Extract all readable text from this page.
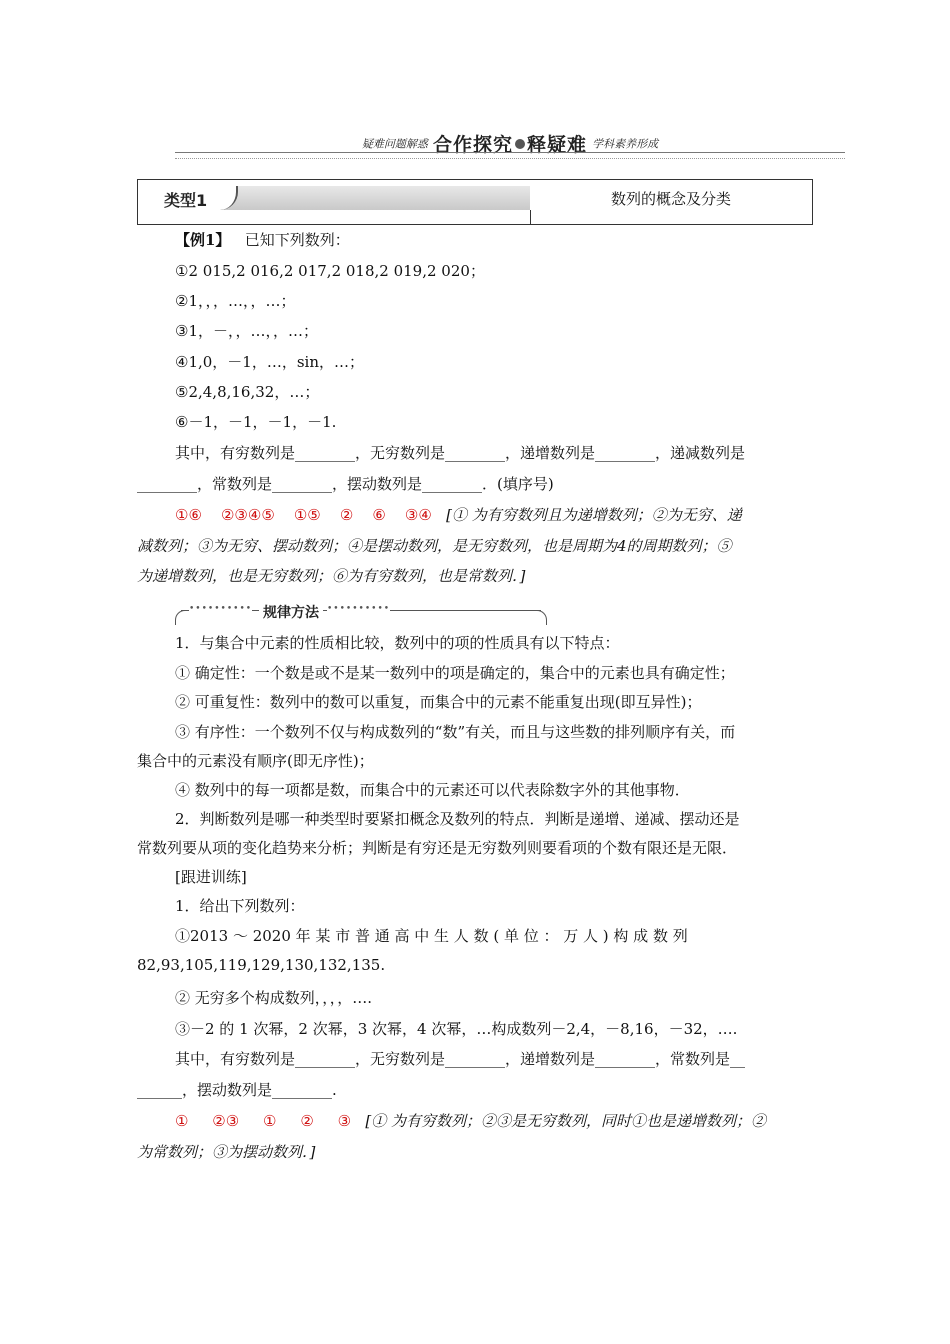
疑难问题解惑 合作探究 释疑难 学科素养形成
类型1	数列的概念及分类
【例1】 已知下列数列：
①2 015,2 016,2 017,2 018,2 019,2 020；
②1，，，…，，…；
③1，－，，…，，…；
④1,0，－1，…，sin，…；
⑤2,4,8,16,32，…；
⑥－1，－1，－1，－1.
其中，有穷数列是________，无穷数列是________，递增数列是________，递减数列是
________，常数列是________，摆动数列是________．(填序号)
①⑥ ②③④⑤ ①⑤ ② ⑥ ③④ [① 为有穷数列且为递增数列；②为无穷、递
减数列；③为无穷、摆动数列；④是摆动数列，是无穷数列，也是周期为4的周期数列；⑤
为递增数列，也是无穷数列；⑥为有穷数列，也是常数列．]
•••••••••• 规律方法 ••••••••••
1．与集合中元素的性质相比较，数列中的项的性质具有以下特点：
① 确定性：一个数是或不是某一数列中的项是确定的，集合中的元素也具有确定性；
② 可重复性：数列中的数可以重复，而集合中的元素不能重复出现(即互异性)；
③ 有序性：一个数列不仅与构成数列的“数”有关，而且与这些数的排列顺序有关，而
集合中的元素没有顺序(即无序性)；
④ 数列中的每一项都是数，而集合中的元素还可以代表除数字外的其他事物．
2．判断数列是哪一种类型时要紧扣概念及数列的特点．判断是递增、递减、摆动还是
常数列要从项的变化趋势来分析；判断是有穷还是无穷数列则要看项的个数有限还是无限．
[跟进训练]
1．给出下列数列：
①2013 ～ 2020 年 某 市 普 通 高 中 生 人 数 ( 单 位 ： 万 人 ) 构 成 数 列
82,93,105,119,129,130,132,135.
② 无穷多个构成数列，，，，….
③－2 的 1 次幂，2 次幂，3 次幂，4 次幂，…构成数列－2,4，－8,16，－32，….
其中，有穷数列是________，无穷数列是________，递增数列是________，常数列是__
______，摆动数列是________.
① ②③ ① ② ③ [① 为有穷数列；②③是无穷数列，同时①也是递增数列；②
为常数列；③为摆动数列．]
